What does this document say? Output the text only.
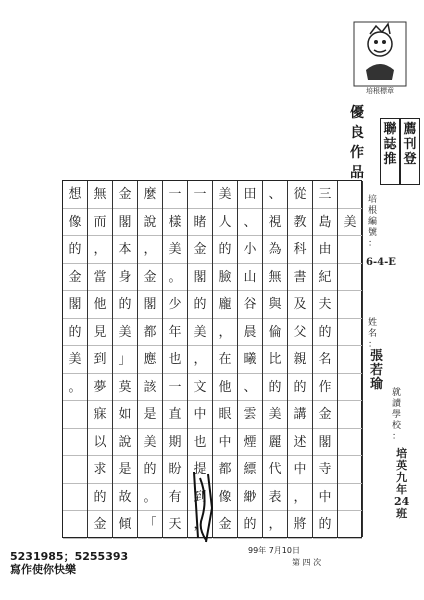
培根標章
優
良
作
品
聯
誌
推
薦
刊
登
想
像
的
金
閣
的
美
。
無
而
，
當
他
見
到
夢
寐
以
求
的
金
金
閣
本
身
的
美
」
莫
如
說
是
故
傾
麼
說
，
金
閣
都
應
該
是
美
的
。
「
一
樣
美
。
少
年
也
一
直
期
盼
有
天
一
睹
金
閣
的
美
，
文
中
也
提
到
，
美
人
的
臉
龐
，
在
他
眼
中
都
像
金
田
、
小
山
谷
晨
曦
、
雲
煙
縹
緲
的
、
視
為
無
與
倫
比
的
美
麗
代
表
，
從
教
科
書
及
父
親
的
講
述
中
，
將
三
島
由
紀
夫
的
名
作
金
閣
寺
中
的
美
培
根
編
號
：
6-4-E
姓
名
：
張
若
瑜
就
讀
學
校
：
培
英
九
年
24
班
99年 7月10日
第 四 次
5231985；5255393
寫作使你快樂
